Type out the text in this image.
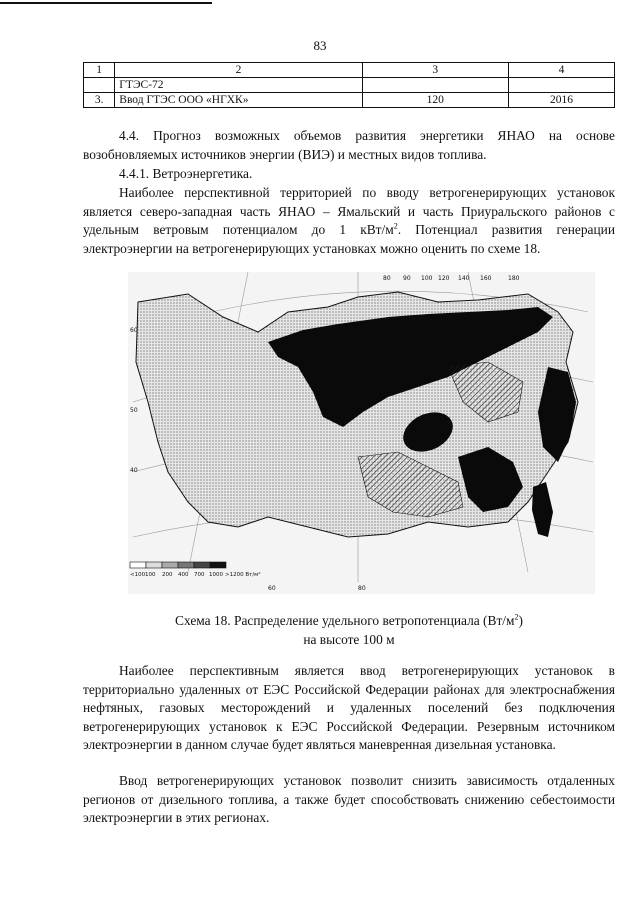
83
1	2	3	4
	ГТЭС-72		
3.	Ввод ГТЭС ООО «НГХК»	120	2016

4.4. Прогноз возможных объемов развития энергетики ЯНАО на основе возобновляемых источников энергии (ВИЭ) и местных видов топлива.

4.4.1. Ветроэнергетика.

Наиболее перспективной территорией по вводу ветрогенерирующих установок является северо-западная часть ЯНАО – Ямальский и часть Приуральского районов с удельным ветровым потенциалом до 1 кВт/$м^2$. Потенциал развития генерации электроэнергии на ветрогенерирующих установках можно оценить по схеме 18.

80 90 100 120 140 160	180
60
50
40
<100 100 200 400 700 1000 >1200 Вт/м²
60	80
Схема 18. Распределение удельного ветропотенциала $(Вт/м^2)$
на высоте 100 м

Наиболее перспективным является ввод ветрогенерирующих установок в территориально удаленных от ЕЭС Российской Федерации районах для электроснабжения нефтяных, газовых месторождений и удаленных поселений без подключения ветрогенерирующих установок к ЕЭС Российской Федерации. Резервным источником электроэнергии в данном случае будет являться маневренная дизельная установка.

Ввод ветрогенерирующих установок позволит снизить зависимость отдаленных регионов от дизельного топлива, а также будет способствовать снижению себестоимости электроэнергии в этих регионах.
